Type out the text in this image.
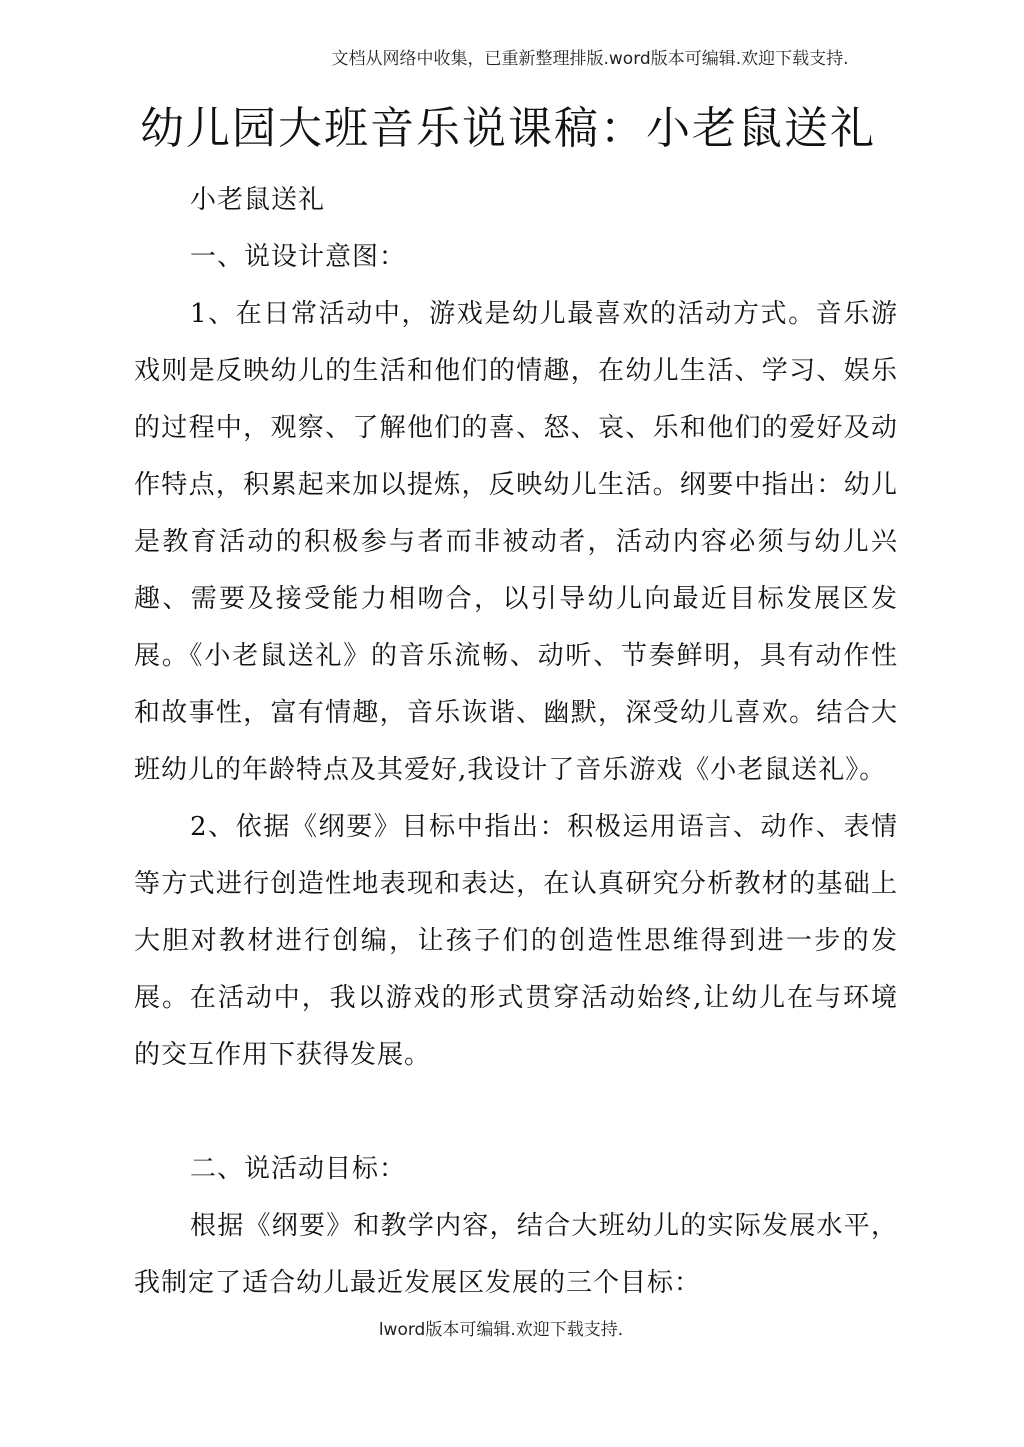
文档从网络中收集，已重新整理排版.word版本可编辑.欢迎下载支持.
幼儿园大班音乐说课稿：小老鼠送礼

小老鼠送礼

一、说设计意图：

1、在日常活动中，游戏是幼儿最喜欢的活动方式。音乐游戏则是反映幼儿的生活和他们的情趣，在幼儿生活、学习、娱乐的过程中，观察、了解他们的喜、怒、哀、乐和他们的爱好及动作特点，积累起来加以提炼，反映幼儿生活。纲要中指出：幼儿是教育活动的积极参与者而非被动者，活动内容必须与幼儿兴趣、需要及接受能力相吻合，以引导幼儿向最近目标发展区发展。《小老鼠送礼》的音乐流畅、动听、节奏鲜明，具有动作性和故事性，富有情趣，音乐诙谐、幽默，深受幼儿喜欢。结合大班幼儿的年龄特点及其爱好,我设计了音乐游戏《小老鼠送礼》。

2、依据《纲要》目标中指出：积极运用语言、动作、表情等方式进行创造性地表现和表达，在认真研究分析教材的基础上大胆对教材进行创编，让孩子们的创造性思维得到进一步的发展。在活动中，我以游戏的形式贯穿活动始终,让幼儿在与环境的交互作用下获得发展。

二、说活动目标：

根据《纲要》和教学内容，结合大班幼儿的实际发展水平，我制定了适合幼儿最近发展区发展的三个目标：

lword版本可编辑.欢迎下载支持.
